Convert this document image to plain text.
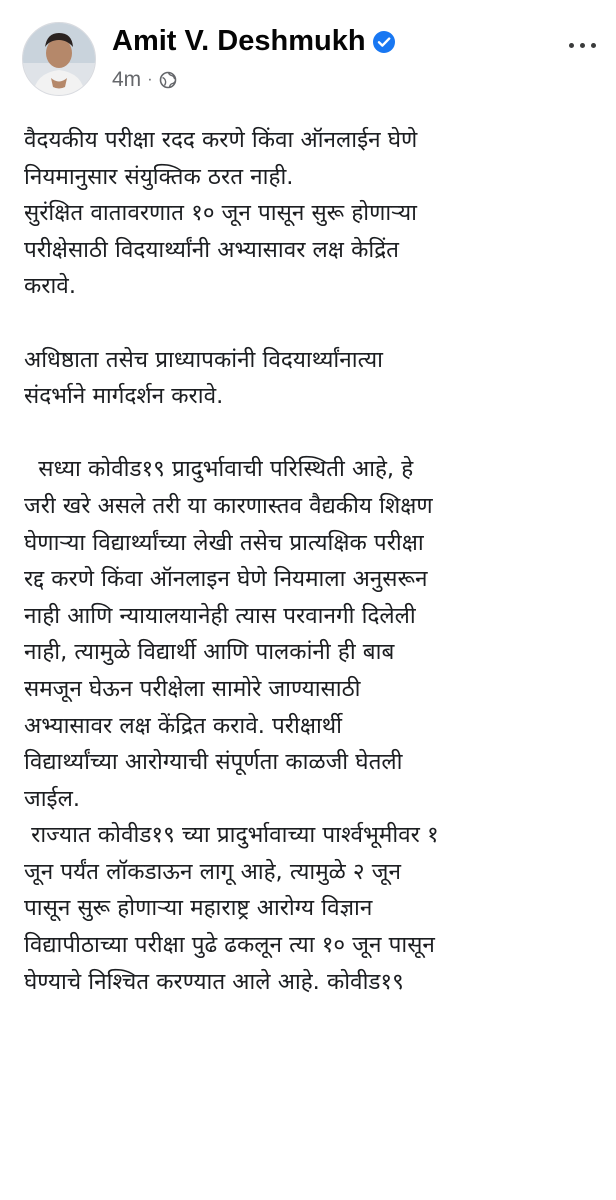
Amit V. Deshmukh
4m ·

वैदयकीय परीक्षा रदद करणे किंवा ऑनलाईन घेणे

नियमानुसार संयुक्तिक ठरत नाही.

सुरंक्षित वातावरणात १० जून पासून सुरू होणाऱ्या

परीक्षेसाठी विदयार्थ्यांनी अभ्यासावर लक्ष केद्रिंत

करावे.

अधिष्ठाता तसेच प्राध्यापकांनी विदयार्थ्यांनात्या

संदर्भाने मार्गदर्शन करावे.

सध्या कोवीड१९ प्रादुर्भावाची परिस्थिती आहे, हे

जरी खरे असले तरी या कारणास्तव वैद्यकीय शिक्षण

घेणाऱ्या विद्यार्थ्यांच्या लेखी तसेच प्रात्यक्षिक परीक्षा

रद्द करणे किंवा ऑनलाइन घेणे नियमाला अनुसरून

नाही आणि न्यायालयानेही त्यास परवानगी दिलेली

नाही, त्यामुळे विद्यार्थी आणि पालकांनी ही बाब

समजून घेऊन परीक्षेला सामोरे जाण्यासाठी

अभ्यासावर लक्ष केंद्रित करावे. परीक्षार्थी

विद्यार्थ्यांच्या आरोग्याची संपूर्णता काळजी घेतली

जाईल.

राज्यात कोवीड१९ च्या प्रादुर्भावाच्या पार्श्वभूमीवर १

जून पर्यंत लॉकडाऊन लागू आहे, त्यामुळे २ जून

पासून सुरू होणाऱ्या महाराष्ट्र आरोग्य विज्ञान

विद्यापीठाच्या परीक्षा पुढे ढकलून त्या १० जून पासून

घेण्याचे निश्चित करण्यात आले आहे. कोवीड१९
